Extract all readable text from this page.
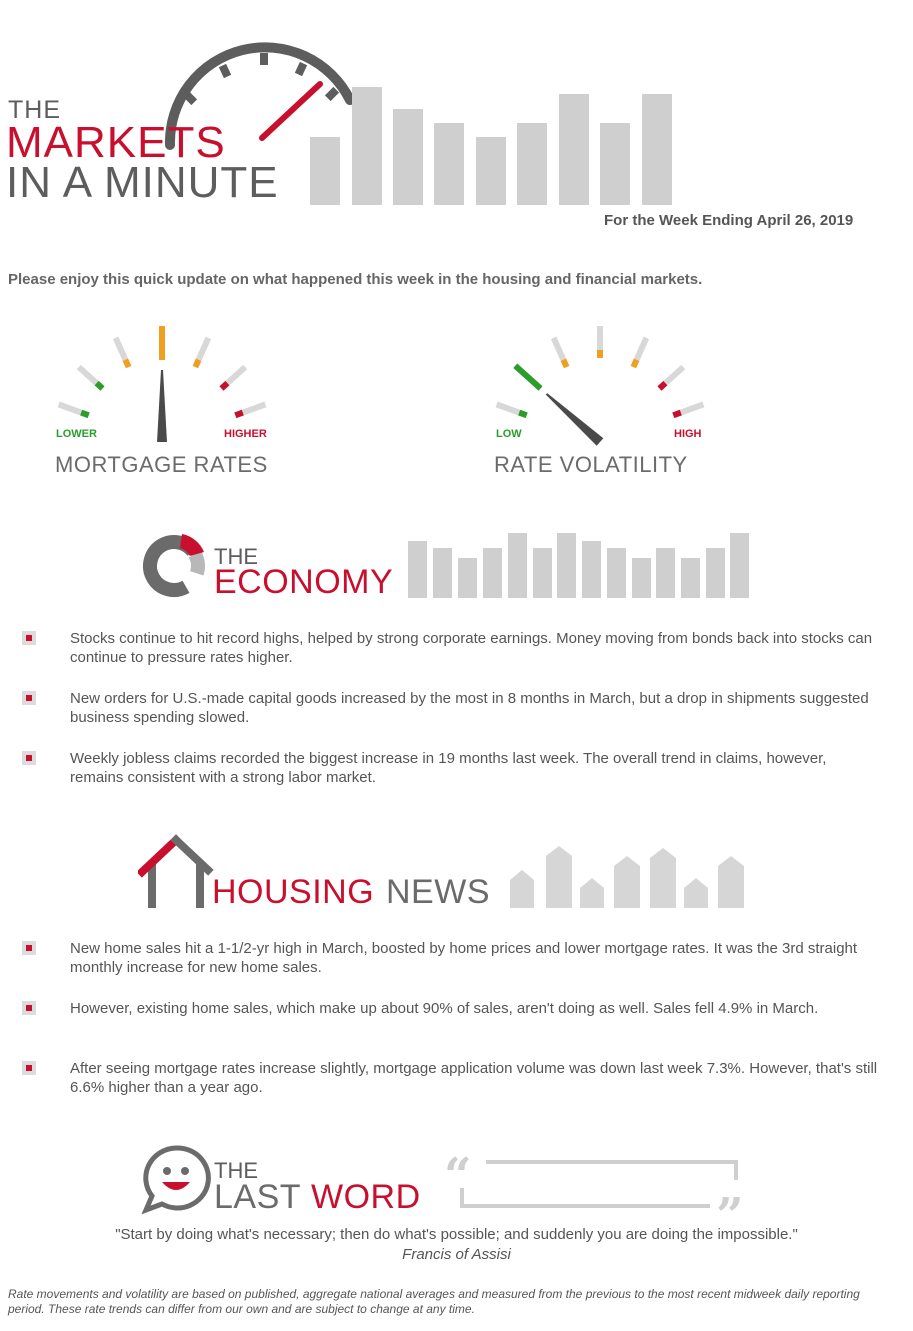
THE
MARKETS
IN A MINUTE
For the Week Ending April 26, 2019
Please enjoy this quick update on what happened this week in the housing and financial markets.
LOWER	HIGHER
MORTGAGE RATES
LOW	HIGH
RATE VOLATILITY
THE
ECONOMY
Stocks continue to hit record highs, helped by strong corporate earnings. Money moving from bonds back into stocks can continue to pressure rates higher.
New orders for U.S.-made capital goods increased by the most in 8 months in March, but a drop in shipments suggested business spending slowed.
Weekly jobless claims recorded the biggest increase in 19 months last week. The overall trend in claims, however, remains consistent with a strong labor market.
HOUSING NEWS
New home sales hit a 1-1/2-yr high in March, boosted by home prices and lower mortgage rates. It was the 3rd straight monthly increase for new home sales.
However, existing home sales, which make up about 90% of sales, aren't doing as well. Sales fell 4.9% in March.
After seeing mortgage rates increase slightly, mortgage application volume was down last week 7.3%. However, that's still 6.6% higher than a year ago.
THE
LAST WORD “
"Start by doing what's necessary; then do what's possible; and suddenly you are doing the impossible."
Francis of Assisi
Rate movements and volatility are based on published, aggregate national averages and measured from the previous to the most recent midweek daily reporting period. These rate trends can differ from our own and are subject to change at any time.
